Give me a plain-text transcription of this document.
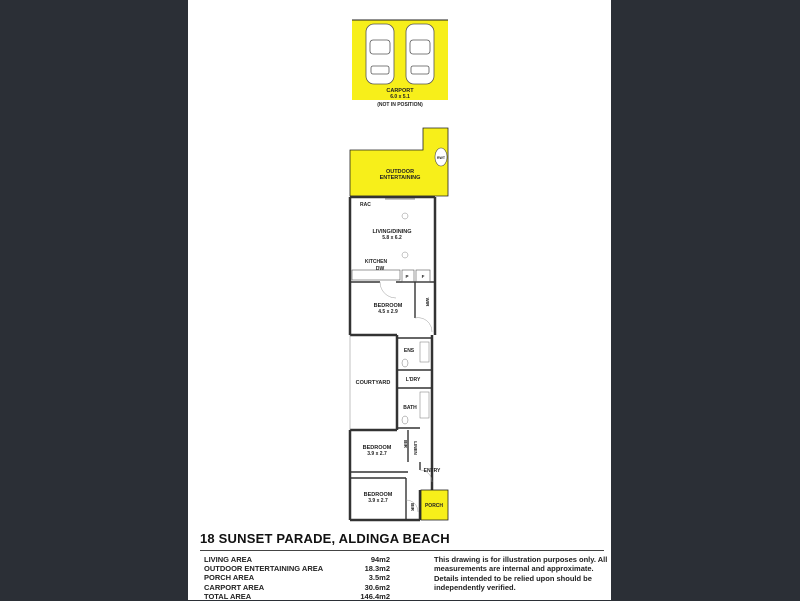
CARPORT
6.0 x 5.1
(NOT IN POSITION)
RWT
OUTDOOR
ENTERTAINING
RAC
LIVING/DINING
5.8 x 6.2
KITCHEN
DW
P	F
BEDROOM
4.5 x 2.9
WIR
ENS
COURTYARD	L'DRY
BATH
BEDROOM
3.9 x 2.7
BIR LINEN
ENTRY
BEDROOM
3.9 x 2.7
BIR PORCH
18 SUNSET PARADE, ALDINGA BEACH
LIVING AREA	94m2
OUTDOOR ENTERTAINING AREA	18.3m2
PORCH AREA	3.5m2
CARPORT AREA	30.6m2
TOTAL AREA	146.4m2
This drawing is for illustration purposes only. All measurements are internal and approximate. Details intended to be relied upon should be independently verified.
